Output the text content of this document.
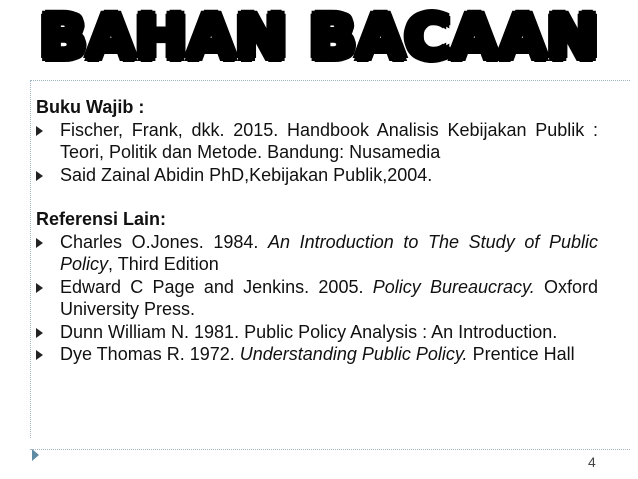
BAHAN BACAAN
4

Buku Wajib :

Fischer, Frank, dkk. 2015. Handbook Analisis Kebijakan Publik : Teori, Politik dan Metode. Bandung: Nusamedia
Said Zainal Abidin PhD,Kebijakan Publik,2004.

Referensi Lain:

Charles O.Jones. 1984. An Introduction to The Study of Public Policy, Third Edition
Edward C Page and Jenkins. 2005. Policy Bureaucracy. Oxford University Press.
Dunn William N. 1981. Public Policy Analysis : An Introduction.
Dye Thomas R. 1972. Understanding Public Policy. Prentice Hall
